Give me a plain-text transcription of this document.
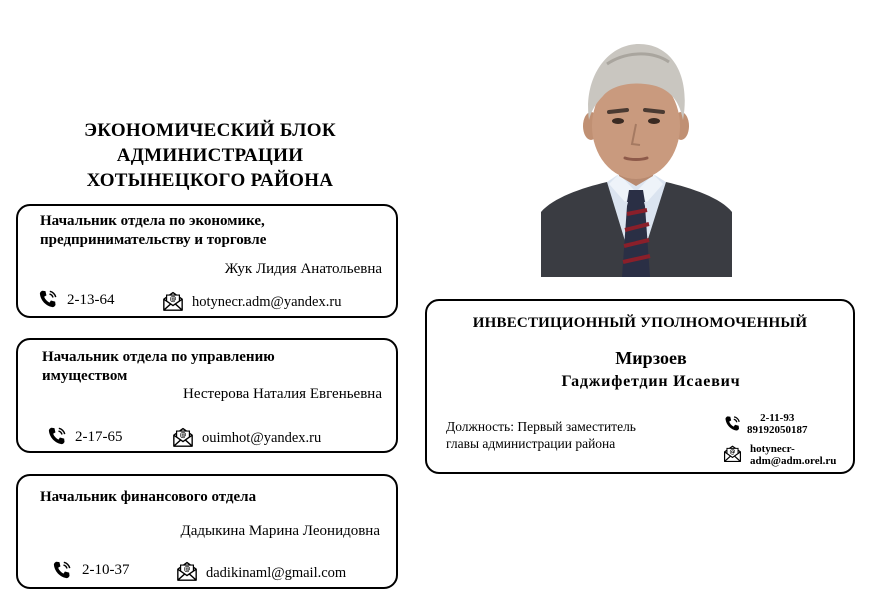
ЭКОНОМИЧЕСКИЙ БЛОК
АДМИНИСТРАЦИИ
ХОТЫНЕЦКОГО РАЙОНА
Начальник отдела по экономике,
предпринимательству и торговле
Жук Лидия Анатольевна
2-13-64	hotynecr.adm@yandex.ru
Начальник отдела по управлению
имуществом
Нестерова Наталия Евгеньевна
2-17-65	ouimhot@yandex.ru
Начальник финансового отдела
Дадыкина Марина Леонидовна
2-10-37	dadikinaml@gmail.com
ИНВЕСТИЦИОННЫЙ УПОЛНОМОЧЕННЫЙ
Мирзоев
Гаджифетдин Исаевич
Должность: Первый заместитель
главы администрации района
2-11-93
89192050187
hotynecr-
adm@adm.orel.ru
